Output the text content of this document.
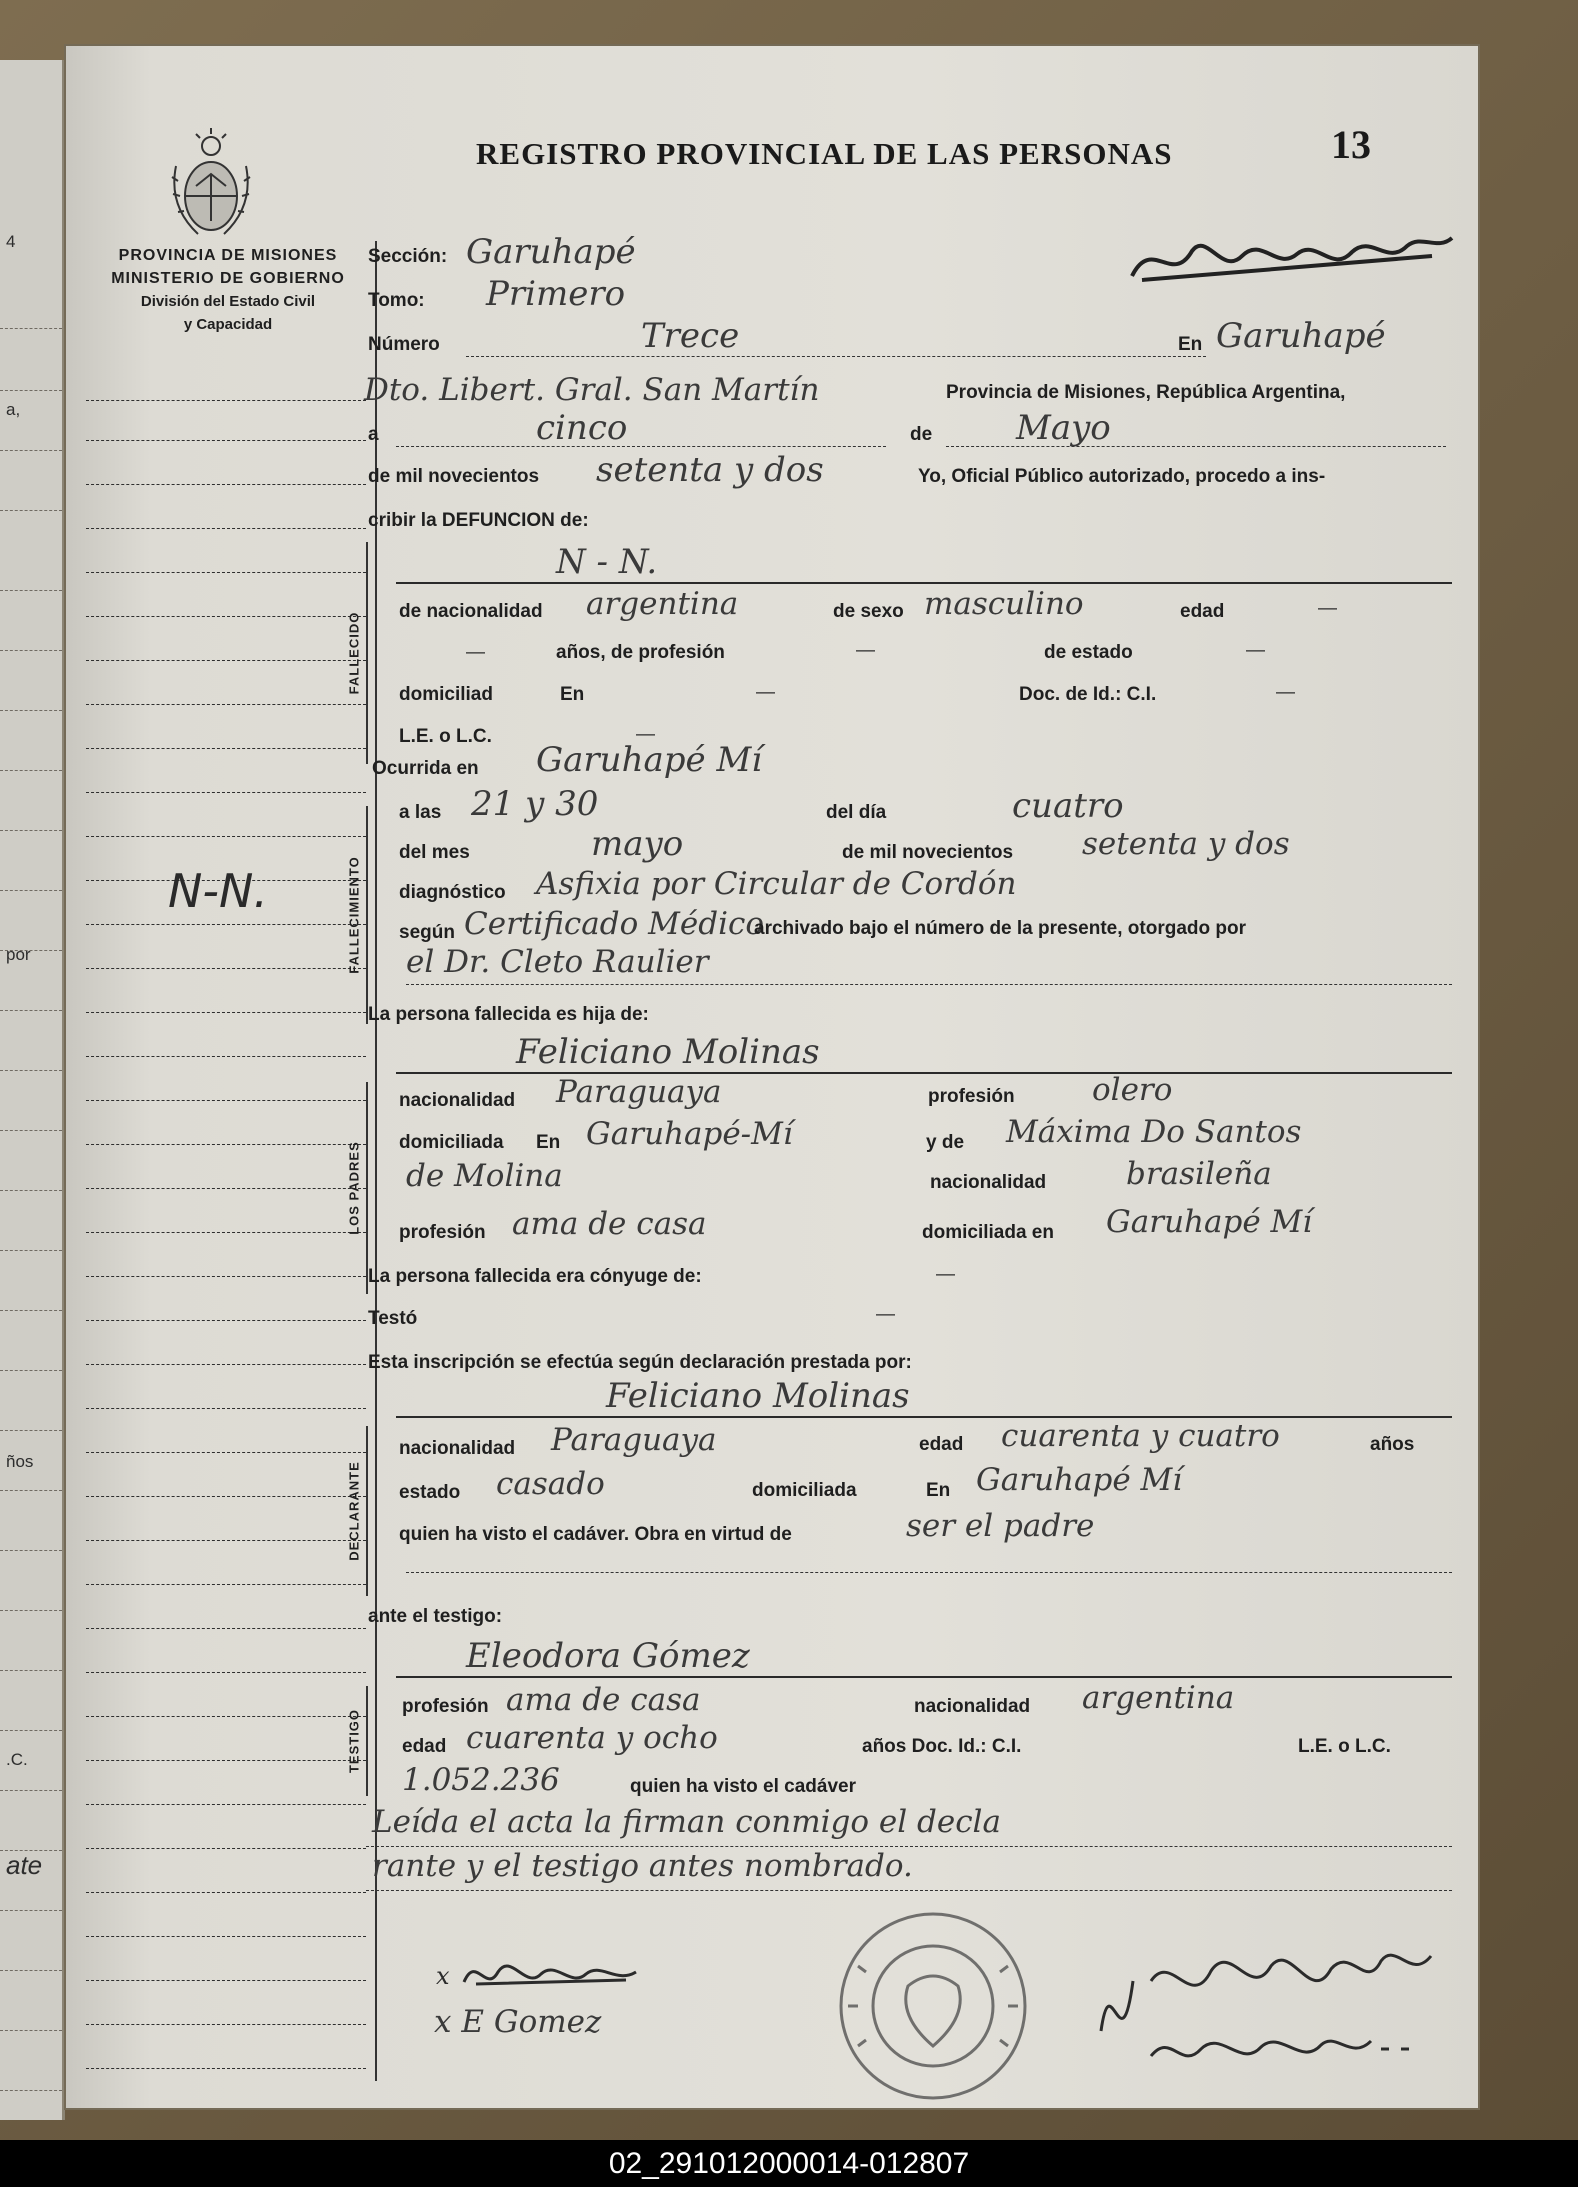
4
a,
por
ños
.C.
ate
REGISTRO PROVINCIAL DE LAS PERSONAS	13
PROVINCIA DE MISIONES
MINISTERIO DE GOBIERNO
División del Estado Civil
y Capacidad
N-N.
Sección: Garuhapé
Tomo: Primero
Número	Trece	En Garuhapé
Dto. Libert. Gral. San Martín	Provincia de Misiones, República Argentina,
a	cinco	de Mayo
de mil novecientos setenta y dos	Yo, Oficial Público autorizado, procedo a ins-
cribir la DEFUNCION de:
FALLECIDO
N - N.
de nacionalidad argentina	de sexo masculino	edad	—
—	años, de profesión	—	de estado	—
domiciliad	En	—	Doc. de Id.: C.I.	—
L.E. o L.C.	—
Ocurrida en Garuhapé Mí
FALLECIMIENTO
a las 21 y 30	del día	cuatro
del mes	mayo	de mil novecientos setenta y dos
diagnóstico Asfixia por Circular de Cordón
según Certificado Médico
archivado bajo el número de la presente, otorgado por
el Dr. Cleto Raulier
La persona fallecida es hija de:
Feliciano Molinas
LOS PADRES
nacionalidad Paraguaya	profesión olero
domiciliada En Garuhapé-Mí	y de Máxima Do Santos
de Molina	nacionalidad	brasileña
profesión ama de casa	domiciliada en Garuhapé Mí
La persona fallecida era cónyuge de:	—
Testó	—
Esta inscripción se efectúa según declaración prestada por:
Feliciano Molinas
DECLARANTE
nacionalidad Paraguaya	edad cuarenta y cuatro	años
estado casado	domiciliada	En Garuhapé Mí
quien ha visto el cadáver. Obra en virtud de	ser el padre
ante el testigo:
Eleodora Gómez
TESTIGO
profesión ama de casa	nacionalidad argentina
edad cuarenta y ocho	años Doc. Id.: C.I.	L.E. o L.C.
1.052.236	quien ha visto el cadáver
Leída el acta la firman conmigo el decla
rante y el testigo antes nombrado.
x
x E Gomez
02_291012000014-012807
